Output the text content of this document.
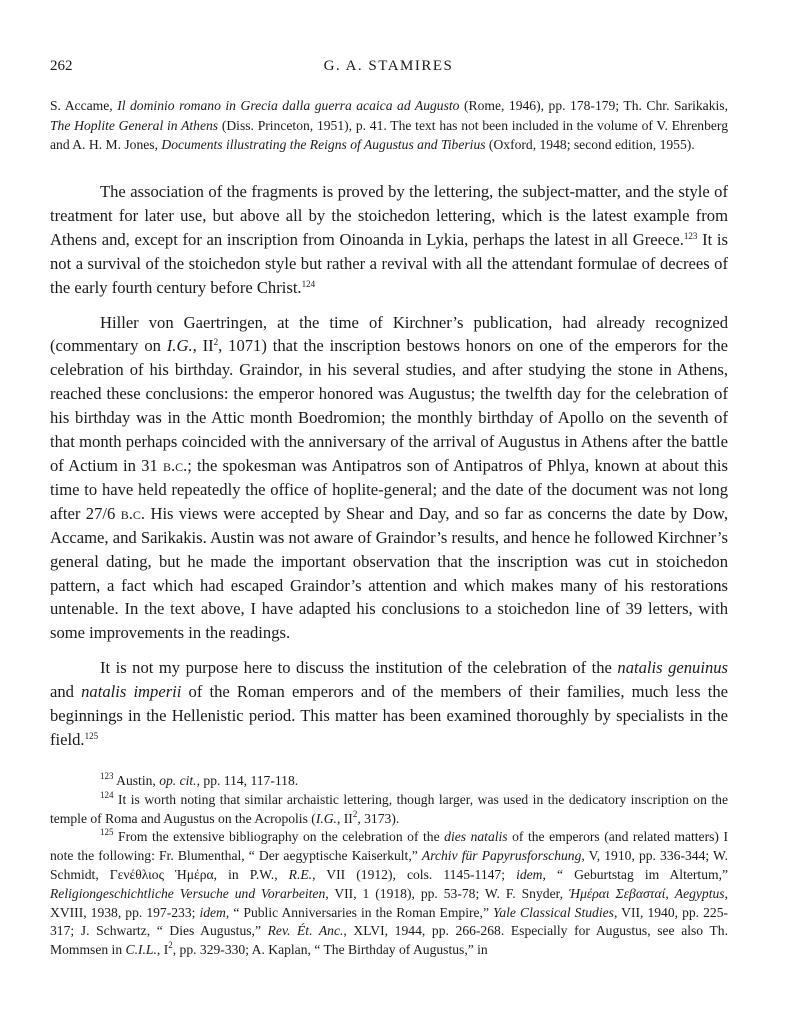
262	G. A. STAMIRES

S. Accame, Il dominio romano in Grecia dalla guerra acaica ad Augusto (Rome, 1946), pp. 178-179; Th. Chr. Sarikakis, The Hoplite General in Athens (Diss. Princeton, 1951), p. 41. The text has not been included in the volume of V. Ehrenberg and A. H. M. Jones, Documents illustrating the Reigns of Augustus and Tiberius (Oxford, 1948; second edition, 1955).

The association of the fragments is proved by the lettering, the subject-matter, and the style of treatment for later use, but above all by the stoichedon lettering, which is the latest example from Athens and, except for an inscription from Oinoanda in Lykia, perhaps the latest in all Greece.$^{123}$ It is not a survival of the stoichedon style but rather a revival with all the attendant formulae of decrees of the early fourth century before Christ.$^{124}$

Hiller von Gaertringen, at the time of Kirchner’s publication, had already recognized (commentary on I.G., $II^2$, 1071) that the inscription bestows honors on one of the emperors for the celebration of his birthday. Graindor, in his several studies, and after studying the stone in Athens, reached these conclusions: the emperor honored was Augustus; the twelfth day for the celebration of his birthday was in the Attic month Boedromion; the monthly birthday of Apollo on the seventh of that month perhaps coincided with the anniversary of the arrival of Augustus in Athens after the battle of Actium in 31 b.c.; the spokesman was Antipatros son of Antipatros of Phlya, known at about this time to have held repeatedly the office of hoplite-general; and the date of the document was not long after 27/6 b.c. His views were accepted by Shear and Day, and so far as concerns the date by Dow, Accame, and Sarikakis. Austin was not aware of Graindor’s results, and hence he followed Kirchner’s general dating, but he made the important observation that the inscription was cut in stoichedon pattern, a fact which had escaped Graindor’s attention and which makes many of his restorations untenable. In the text above, I have adapted his conclusions to a stoichedon line of 39 letters, with some improvements in the readings.

It is not my purpose here to discuss the institution of the celebration of the natalis genuinus and natalis imperii of the Roman emperors and of the members of their families, much less the beginnings in the Hellenistic period. This matter has been examined thoroughly by specialists in the field.$^{125}$

$^{123}$ Austin, op. cit., pp. 114, 117-118.

$^{124}$ It is worth noting that similar archaistic lettering, though larger, was used in the dedicatory inscription on the temple of Roma and Augustus on the Acropolis (I.G., $II^2$, 3173).

$^{125}$ From the extensive bibliography on the celebration of the dies natalis of the emperors (and related matters) I note the following: Fr. Blumenthal, “ Der aegyptische Kaiserkult,” Archiv für Papyrusforschung, V, 1910, pp. 336-344; W. Schmidt, Γενέθλιος Ἡμέρα, in P.W., R.E., VII (1912), cols. 1145-1147; idem, “ Geburtstag im Altertum,” Religiongeschichtliche Versuche und Vorarbeiten, VII, 1 (1918), pp. 53-78; W. F. Snyder, Ἡμέραι Σεβασταί, Aegyptus, XVIII, 1938, pp. 197-233; idem, “ Public Anniversaries in the Roman Empire,” Yale Classical Studies, VII, 1940, pp. 225-317; J. Schwartz, “ Dies Augustus,” Rev. Ét. Anc., XLVI, 1944, pp. 266-268. Especially for Augustus, see also Th. Mommsen in C.I.L., $I^2$, pp. 329-330; A. Kaplan, “ The Birthday of Augustus,” in
